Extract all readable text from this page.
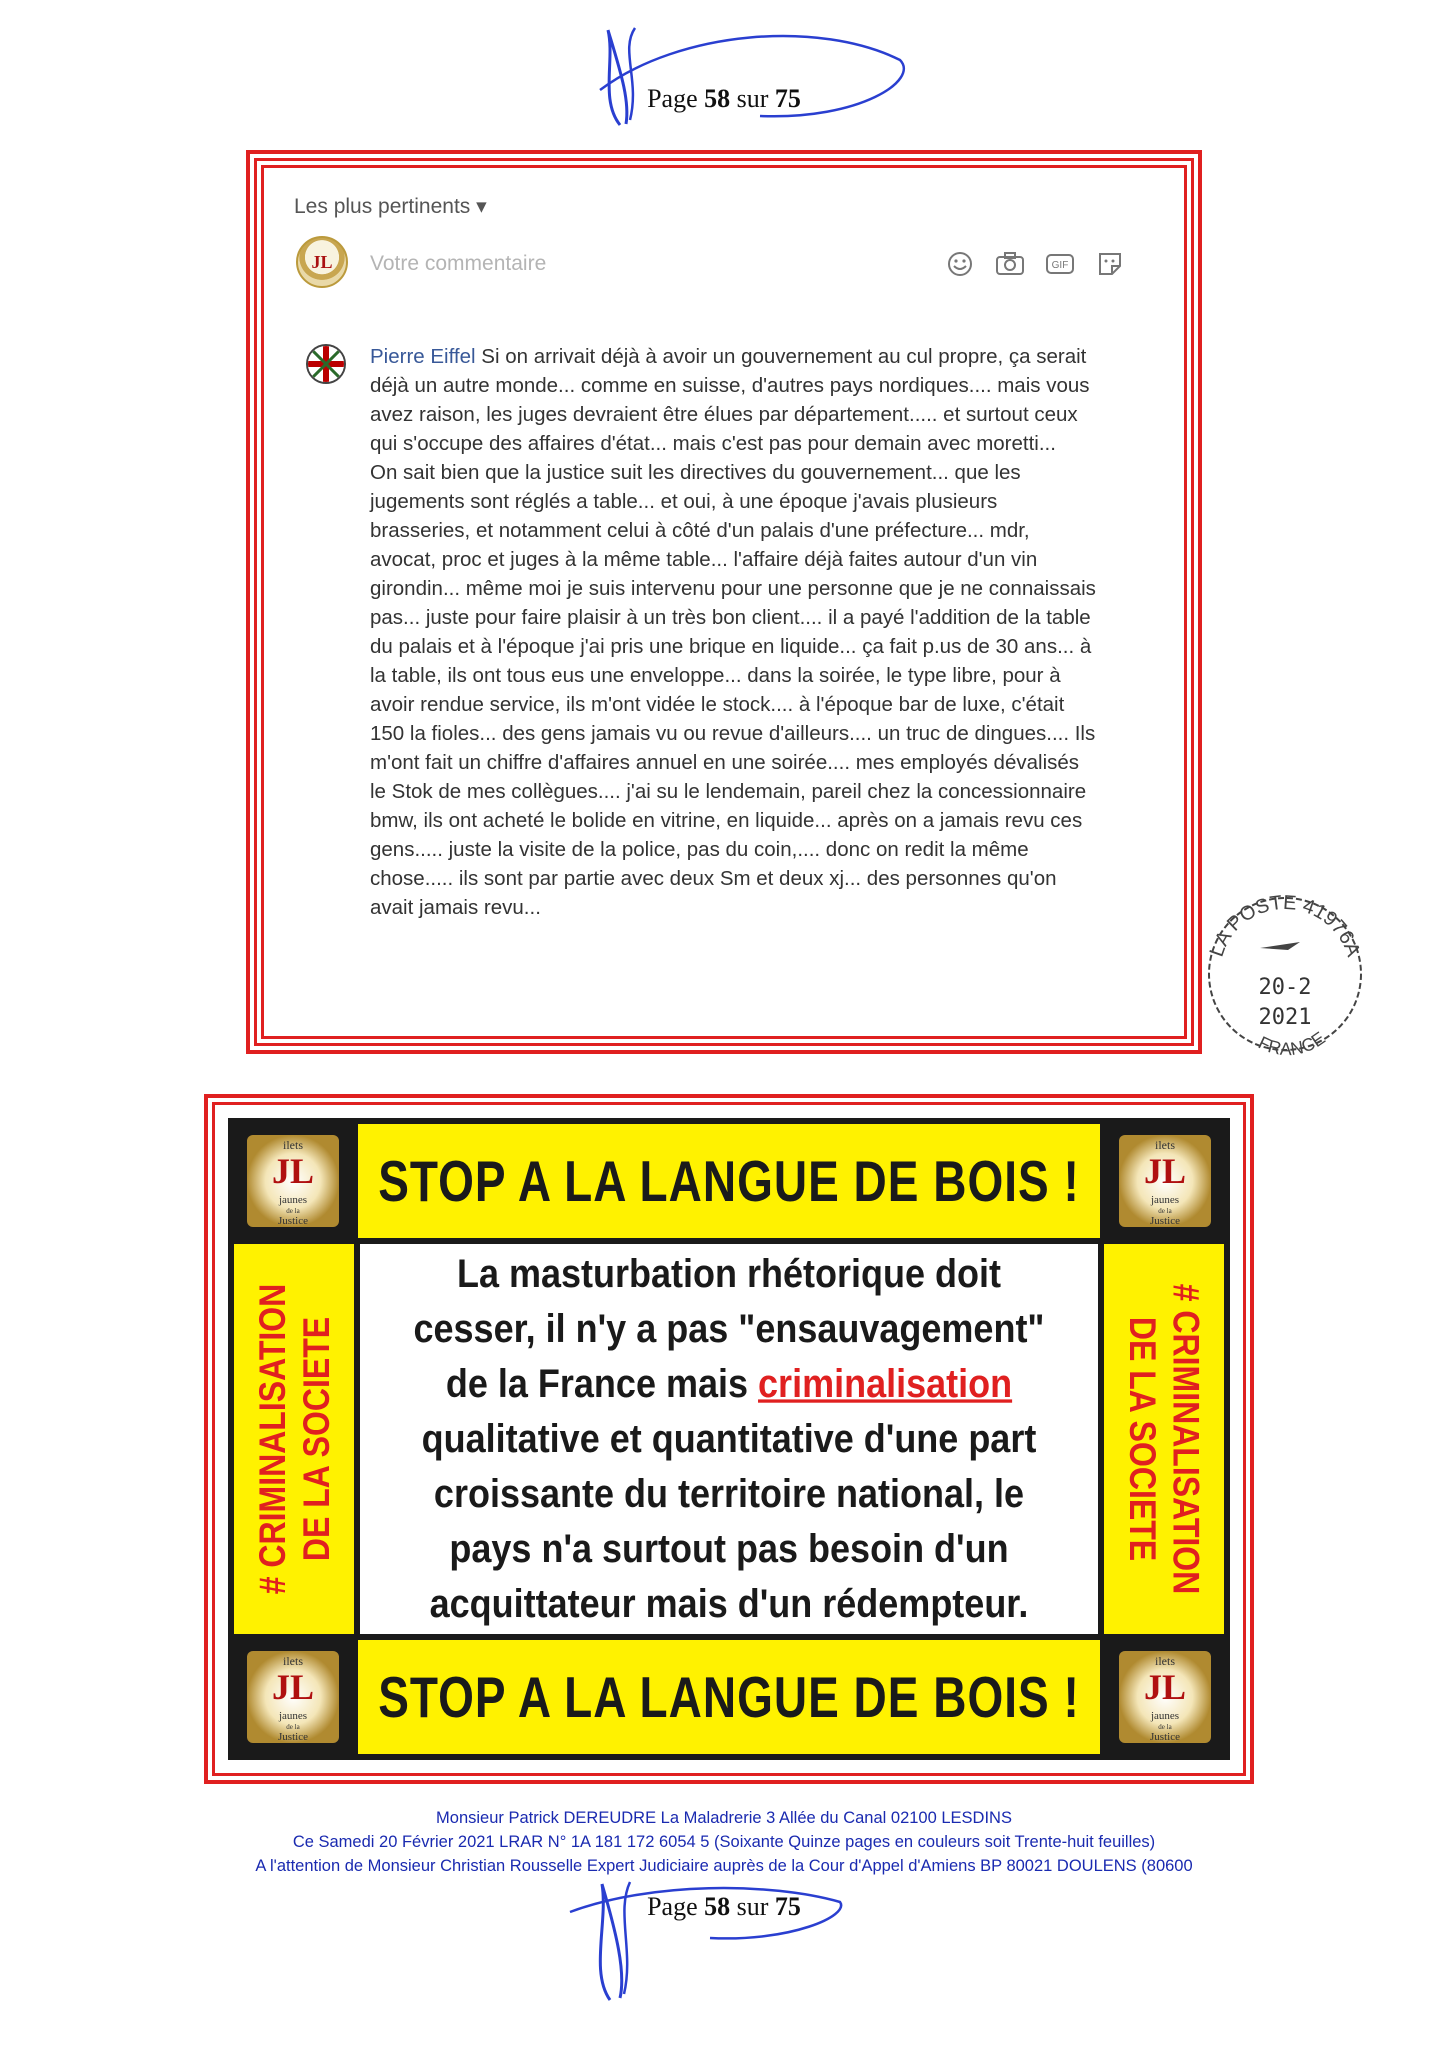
Page 58 sur 75
Les plus pertinents ▾
JL	Votre commentaire	GIF
Pierre Eiffel Si on arrivait déjà à avoir un gouvernement au cul propre, ça serait déjà un autre monde... comme en suisse, d'autres pays nordiques.... mais vous avez raison, les juges devraient être élues par département..... et surtout ceux qui s'occupe des affaires d'état... mais c'est pas pour demain avec moretti...
On sait bien que la justice suit les directives du gouvernement... que les jugements sont réglés a table... et oui, à une époque j'avais plusieurs brasseries, et notamment celui à côté d'un palais d'une préfecture... mdr, avocat, proc et juges à la même table... l'affaire déjà faites autour d'un vin girondin... même moi je suis intervenu pour une personne que je ne connaissais pas... juste pour faire plaisir à un très bon client.... il a payé l'addition de la table du palais et à l'époque j'ai pris une brique en liquide... ça fait p.us de 30 ans... à la table, ils ont tous eus une enveloppe... dans la soirée, le type libre, pour à avoir rendue service, ils m'ont vidée le stock.... à l'époque bar de luxe, c'était 150 la fioles... des gens jamais vu ou revue d'ailleurs.... un truc de dingues.... Ils m'ont fait un chiffre d'affaires annuel en une soirée.... mes employés dévalisés le Stok de mes collègues.... j'ai su le lendemain, pareil chez la concessionnaire bmw, ils ont acheté le bolide en vitrine, en liquide... après on a jamais revu ces gens..... juste la visite de la police, pas du coin,.... donc on redit la même chose..... ils sont par partie avec deux Sm et deux xj... des personnes qu'on avait jamais revu...
LA POSTE 41976A
20-2
2021
FRANCE
STOP A LA LANGUE DE BOIS !
STOP A LA LANGUE DE BOIS !
# CRIMINALISATION DE LA SOCIETE	# CRIMINALISATION
DE LA SOCIETE
ilets
JL
jaunes
de la
Justice
ilets
JL
jaunes
de la
Justice
ilets
JL
jaunes
de la
Justice
ilets
JL
jaunes
de la
Justice
La masturbation rhétorique doit cesser, il n'y a pas "ensauvagement" de la France mais criminalisation qualitative et quantitative d'une part croissante du territoire national, le pays n'a surtout pas besoin d'un acquittateur mais d'un rédempteur.
Monsieur Patrick DEREUDRE La Maladrerie 3 Allée du Canal 02100 LESDINS
Ce Samedi 20 Février 2021 LRAR N° 1A 181 172 6054 5 (Soixante Quinze pages en couleurs soit Trente-huit feuilles)
A l'attention de Monsieur Christian Rousselle Expert Judiciaire auprès de la Cour d'Appel d'Amiens BP 80021 DOULENS (80600
Page 58 sur 75
